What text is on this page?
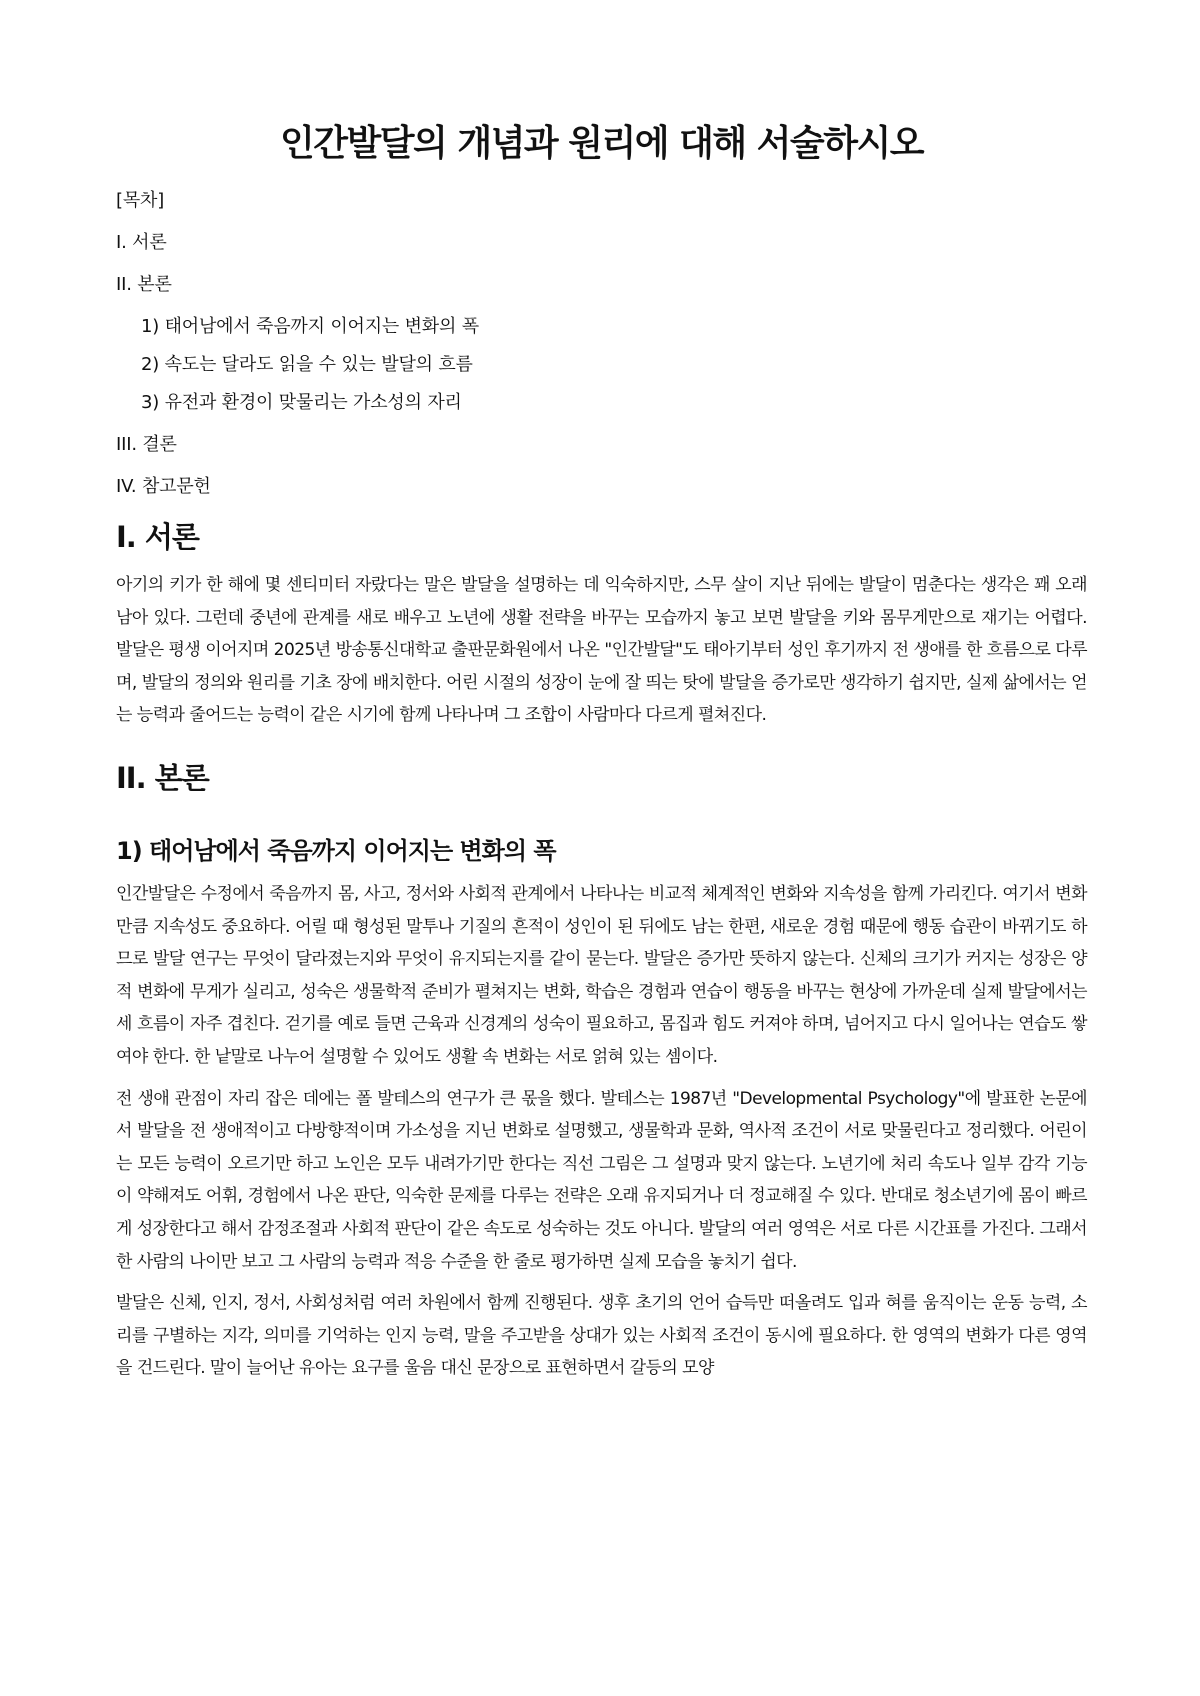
인간발달의 개념과 원리에 대해 서술하시오
[목차]
I. 서론
II. 본론
1) 태어남에서 죽음까지 이어지는 변화의 폭
2) 속도는 달라도 읽을 수 있는 발달의 흐름
3) 유전과 환경이 맞물리는 가소성의 자리
III. 결론
IV. 참고문헌
I. 서론

아기의 키가 한 해에 몇 센티미터 자랐다는 말은 발달을 설명하는 데 익숙하지만, 스무 살이 지난 뒤에는 발달이 멈춘다는 생각은 꽤 오래 남아 있다. 그런데 중년에 관계를 새로 배우고 노년에 생활 전략을 바꾸는 모습까지 놓고 보면 발달을 키와 몸무게만으로 재기는 어렵다. 발달은 평생 이어지며 2025년 방송통신대학교 출판문화원에서 나온 "인간발달"도 태아기부터 성인 후기까지 전 생애를 한 흐름으로 다루며, 발달의 정의와 원리를 기초 장에 배치한다. 어린 시절의 성장이 눈에 잘 띄는 탓에 발달을 증가로만 생각하기 쉽지만, 실제 삶에서는 얻는 능력과 줄어드는 능력이 같은 시기에 함께 나타나며 그 조합이 사람마다 다르게 펼쳐진다.

II. 본론
1) 태어남에서 죽음까지 이어지는 변화의 폭

인간발달은 수정에서 죽음까지 몸, 사고, 정서와 사회적 관계에서 나타나는 비교적 체계적인 변화와 지속성을 함께 가리킨다. 여기서 변화만큼 지속성도 중요하다. 어릴 때 형성된 말투나 기질의 흔적이 성인이 된 뒤에도 남는 한편, 새로운 경험 때문에 행동 습관이 바뀌기도 하므로 발달 연구는 무엇이 달라졌는지와 무엇이 유지되는지를 같이 묻는다. 발달은 증가만 뜻하지 않는다. 신체의 크기가 커지는 성장은 양적 변화에 무게가 실리고, 성숙은 생물학적 준비가 펼쳐지는 변화, 학습은 경험과 연습이 행동을 바꾸는 현상에 가까운데 실제 발달에서는 세 흐름이 자주 겹친다. 걷기를 예로 들면 근육과 신경계의 성숙이 필요하고, 몸집과 힘도 커져야 하며, 넘어지고 다시 일어나는 연습도 쌓여야 한다. 한 낱말로 나누어 설명할 수 있어도 생활 속 변화는 서로 얽혀 있는 셈이다.

전 생애 관점이 자리 잡은 데에는 폴 발테스의 연구가 큰 몫을 했다. 발테스는 1987년 "Developmental Psychology"에 발표한 논문에서 발달을 전 생애적이고 다방향적이며 가소성을 지닌 변화로 설명했고, 생물학과 문화, 역사적 조건이 서로 맞물린다고 정리했다. 어린이는 모든 능력이 오르기만 하고 노인은 모두 내려가기만 한다는 직선 그림은 그 설명과 맞지 않는다. 노년기에 처리 속도나 일부 감각 기능이 약해져도 어휘, 경험에서 나온 판단, 익숙한 문제를 다루는 전략은 오래 유지되거나 더 정교해질 수 있다. 반대로 청소년기에 몸이 빠르게 성장한다고 해서 감정조절과 사회적 판단이 같은 속도로 성숙하는 것도 아니다. 발달의 여러 영역은 서로 다른 시간표를 가진다. 그래서 한 사람의 나이만 보고 그 사람의 능력과 적응 수준을 한 줄로 평가하면 실제 모습을 놓치기 쉽다.

발달은 신체, 인지, 정서, 사회성처럼 여러 차원에서 함께 진행된다. 생후 초기의 언어 습득만 떠올려도 입과 혀를 움직이는 운동 능력, 소리를 구별하는 지각, 의미를 기억하는 인지 능력, 말을 주고받을 상대가 있는 사회적 조건이 동시에 필요하다. 한 영역의 변화가 다른 영역을 건드린다. 말이 늘어난 유아는 요구를 울음 대신 문장으로 표현하면서 갈등의 모양
